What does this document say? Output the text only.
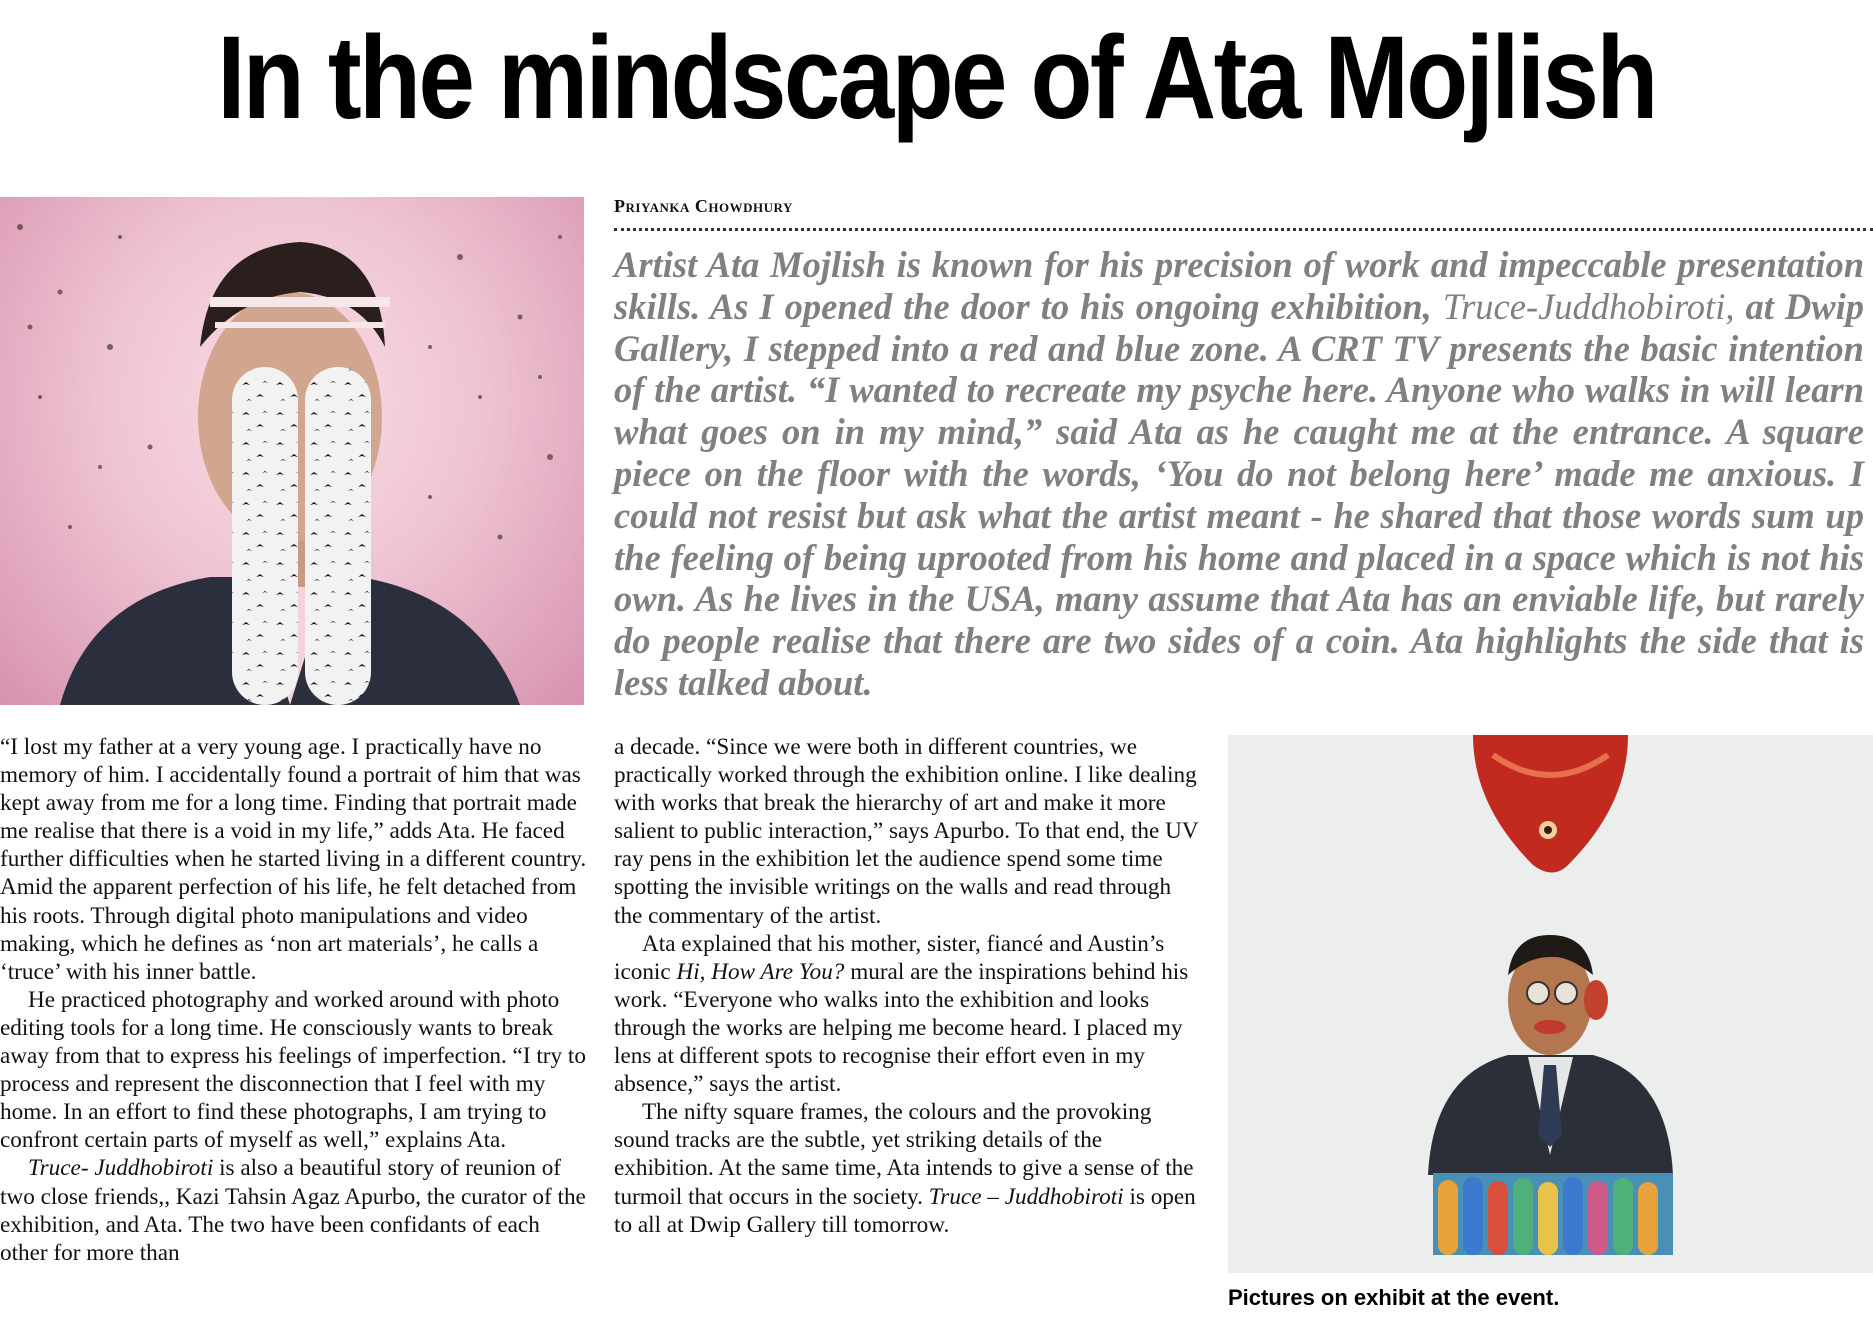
In the mindscape of Ata Mojlish
Priyanka Chowdhury

Artist Ata Mojlish is known for his precision of work and impeccable presentation skills. As I opened the door to his ongoing exhibition, Truce-Juddhobiroti, at Dwip Gallery, I stepped into a red and blue zone. A CRT TV presents the basic intention of the artist. “I wanted to recreate my psyche here. Anyone who walks in will learn what goes on in my mind,” said Ata as he caught me at the entrance. A square piece on the floor with the words, ‘You do not belong here’ made me anxious. I could not resist but ask what the artist meant - he shared that those words sum up the feeling of being uprooted from his home and placed in a space which is not his own. As he lives in the USA, many assume that Ata has an enviable life, but rarely do people realise that there are two sides of a coin. Ata highlights the side that is less talked about.

“I lost my father at a very young age. I practically have no memory of him. I accidentally found a portrait of him that was kept away from me for a long time. Finding that portrait made me realise that there is a void in my life,” adds Ata. He faced further difficulties when he started living in a different country. Amid the apparent perfection of his life, he felt detached from his roots. Through digital photo manipulations and video making, which he defines as ‘non art materials’, he calls a ‘truce’ with his inner battle.

He practiced photography and worked around with photo editing tools for a long time. He consciously wants to break away from that to express his feelings of imperfection. “I try to process and represent the disconnection that I feel with my home. In an effort to find these photographs, I am trying to confront certain parts of myself as well,” explains Ata.

Truce- Juddhobiroti is also a beautiful story of reunion of two close friends,, Kazi Tahsin Agaz Apurbo, the curator of the exhibition, and Ata. The two have been confidants of each other for more than

a decade. “Since we were both in different countries, we practically worked through the exhibition online. I like dealing with works that break the hierarchy of art and make it more salient to public interaction,” says Apurbo. To that end, the UV ray pens in the exhibition let the audience spend some time spotting the invisible writings on the walls and read through the commentary of the artist.

Ata explained that his mother, sister, fiancé and Austin’s iconic Hi, How Are You? mural are the inspirations behind his work. “Everyone who walks into the exhibition and looks through the works are helping me become heard. I placed my lens at different spots to recognise their effort even in my absence,” says the artist.

The nifty square frames, the colours and the provoking sound tracks are the subtle, yet striking details of the exhibition. At the same time, Ata intends to give a sense of the turmoil that occurs in the society. Truce – Juddhobiroti is open to all at Dwip Gallery till tomorrow.

Pictures on exhibit at the event.
